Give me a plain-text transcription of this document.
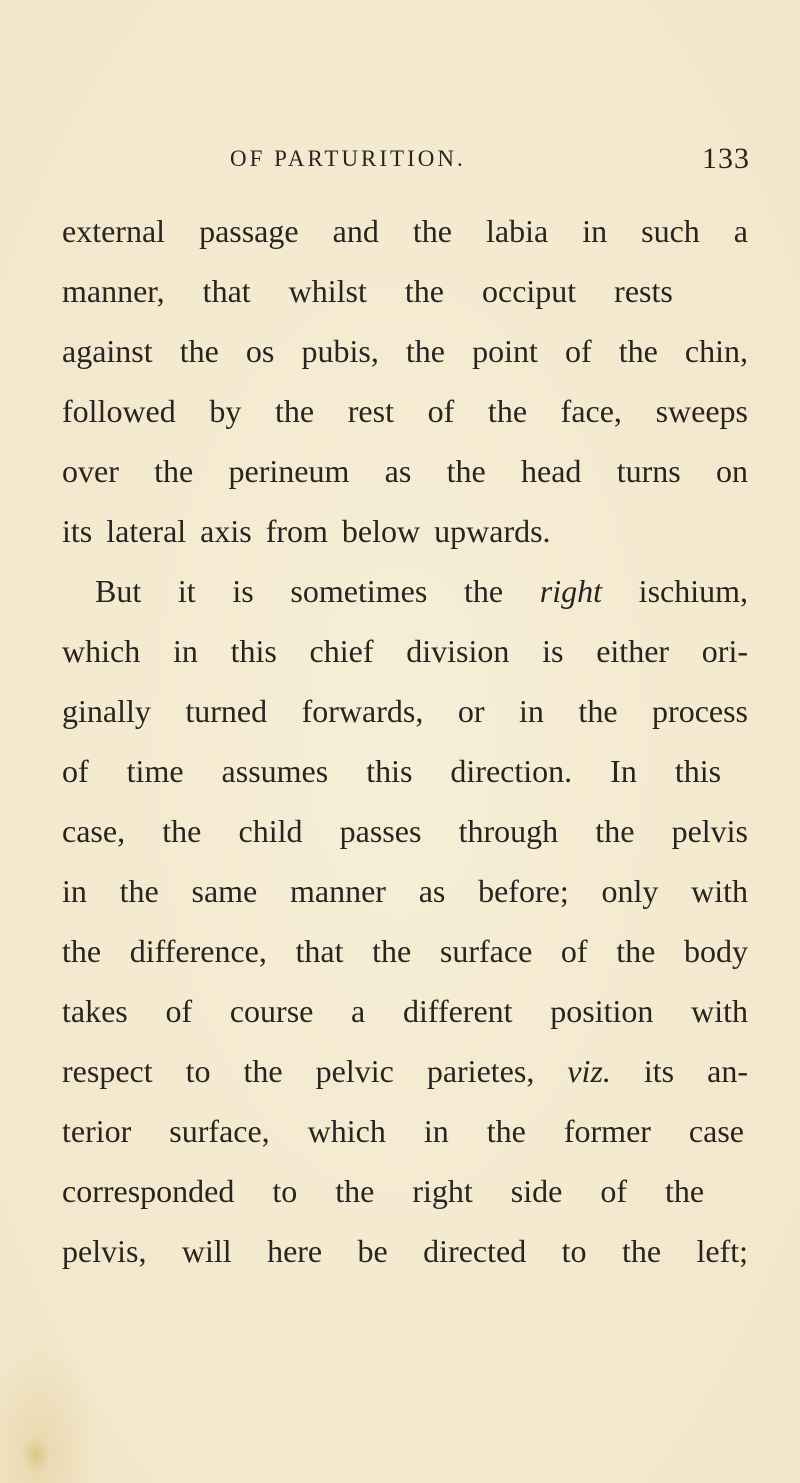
OF PARTURITION.	133
external passage and the labia in such a
manner, that whilst the occiput rests
against the os pubis, the point of the chin,
followed by the rest of the face, sweeps
over the perineum as the head turns on
its lateral axis from below upwards.
But it is sometimes the right ischium,
which in this chief division is either ori-
ginally turned forwards, or in the process
of time assumes this direction. In this
case, the child passes through the pelvis
in the same manner as before; only with
the difference, that the surface of the body
takes of course a different position with
respect to the pelvic parietes, viz. its an-
terior surface, which in the former case
corresponded to the right side of the
pelvis, will here be directed to the left;
